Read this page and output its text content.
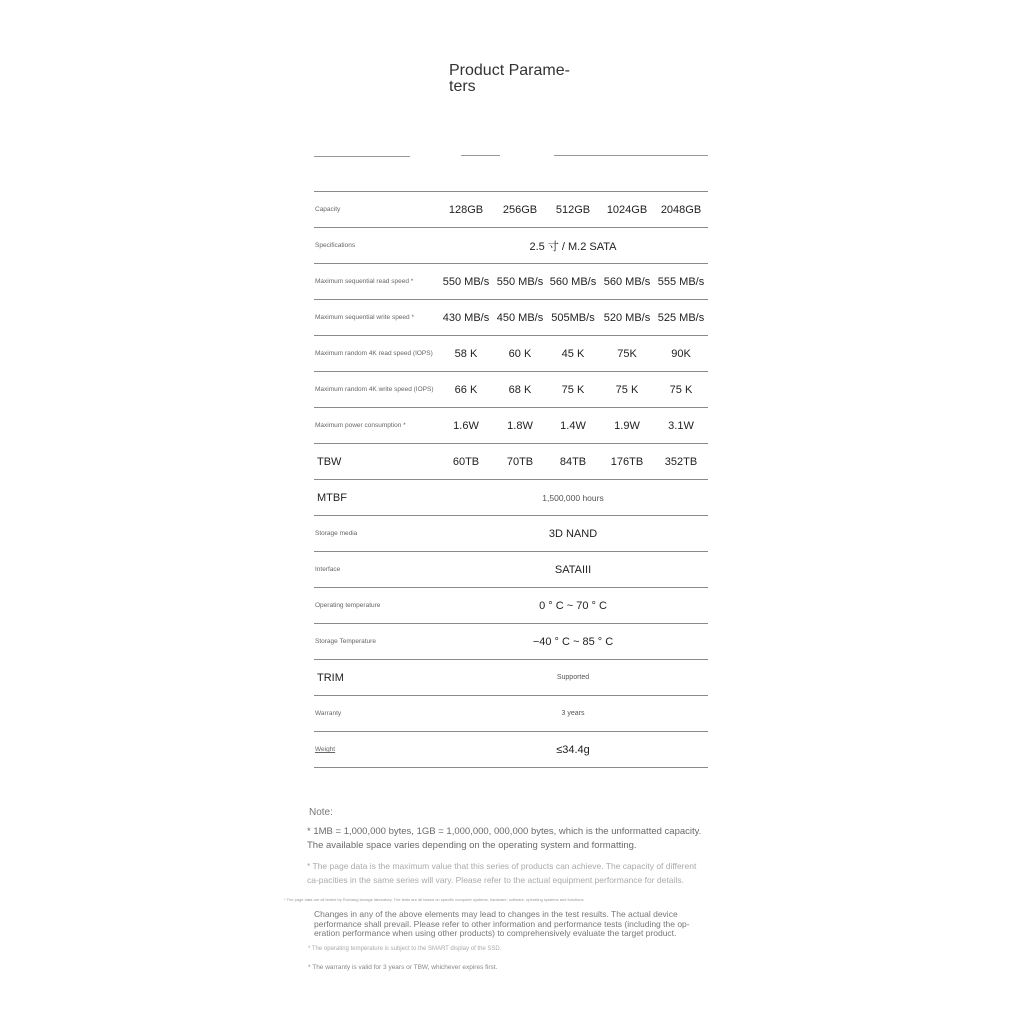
Product Parame-
ters
Capacity	128GB	256GB	512GB	1024GB	2048GB
Specifications	2.5 寸 / M.2 SATA
Maximum sequential read speed *	550 MB/s 550 MB/s 560 MB/s 560 MB/s 555 MB/s
Maximum sequential write speed *	430 MB/s 450 MB/s 505MB/s 520 MB/s 525 MB/s
Maximum random 4K read speed (IOPS)	58 K	60 K	45 K	75K	90K
Maximum random 4K write speed (IOPS)	66 K	68 K	75 K	75 K	75 K
Maximum power consumption *	1.6W	1.8W	1.4W	1.9W	3.1W
TBW	60TB	70TB	84TB	176TB	352TB
MTBF	1,500,000 hours
Storage media	3D NAND
Interface	SATAIII
Operating temperature	0 ° C ~ 70 ° C
Storage Temperature	−40 ° C ~ 85 ° C
TRIM	Supported
Warranty	3 years
Weight	≤34.4g
Note:
* 1MB = 1,000,000 bytes, 1GB = 1,000,000, 000,000 bytes, which is the unformatted capacity. The available space varies depending on the operating system and formatting.
* The page data is the maximum value that this series of products can achieve. The capacity of different ca-pacities in the same series will vary. Please refer to the actual equipment performance for details.
* The page data are all tested by Ruixiang storage laboratory. The tests are all based on specific computer systems, hardware, software, operating systems and functions.
Changes in any of the above elements may lead to changes in the test results. The actual device performance shall prevail. Please refer to other information and performance tests (including the op-eration performance when using other products) to comprehensively evaluate the target product.
* The operating temperature is subject to the SMART display of the SSD.
* The warranty is valid for 3 years or TBW, whichever expires first.
